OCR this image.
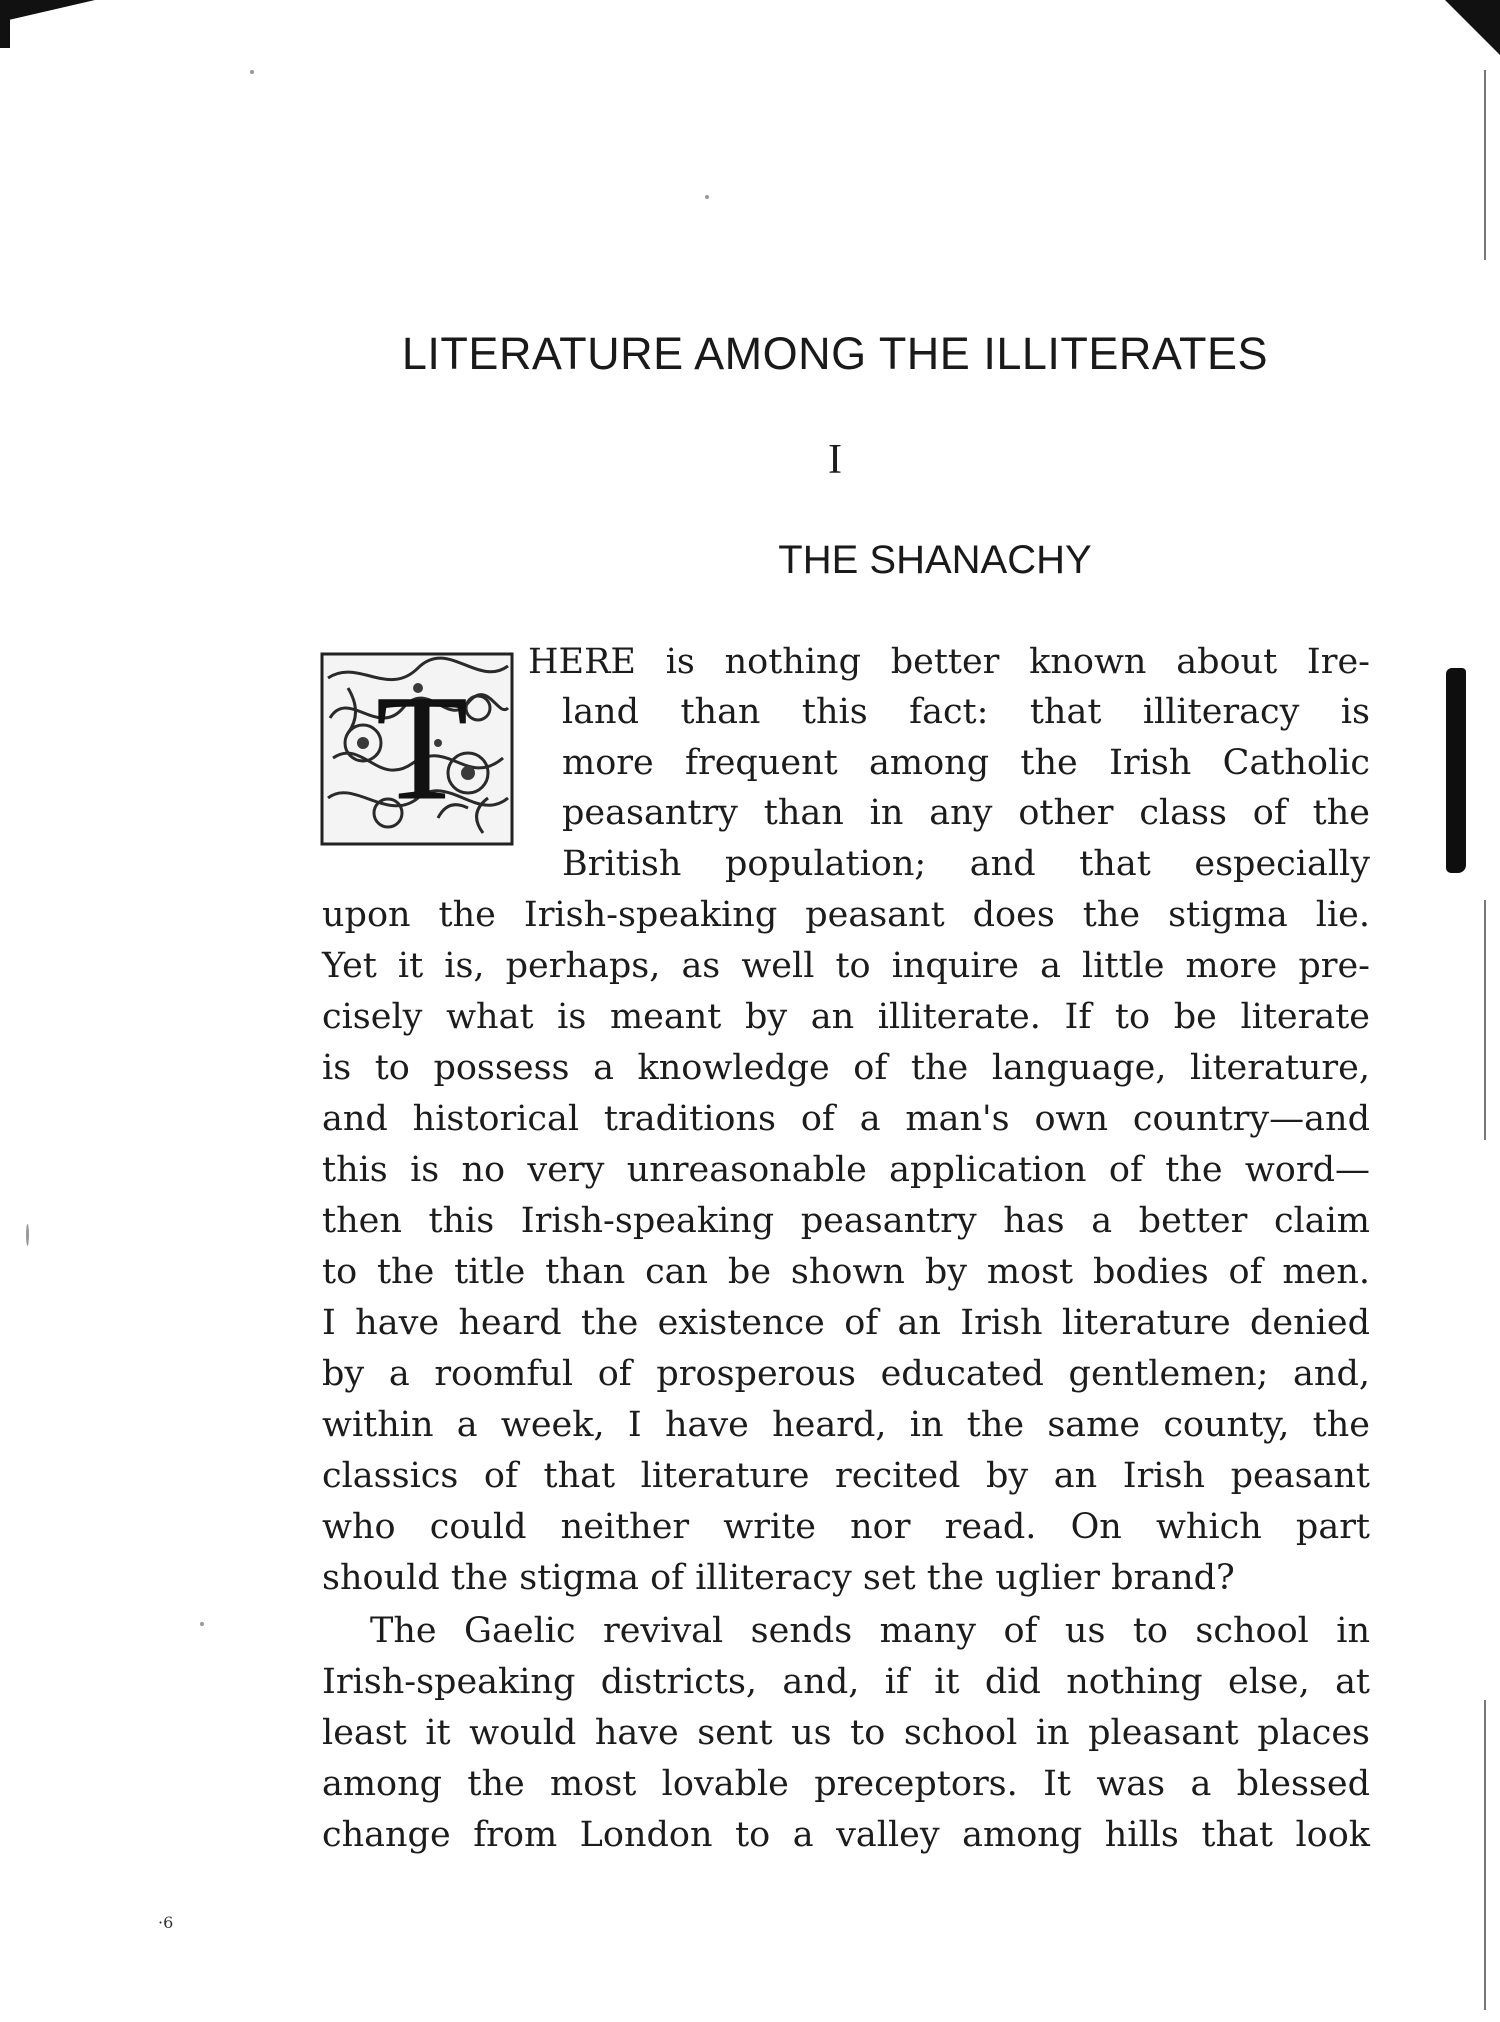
LITERATURE AMONG THE ILLITERATES
I
THE SHANACHY
T
HERE is nothing better known about Ire-
land than this fact: that illiteracy is
more frequent among the Irish Catholic
peasantry than in any other class of the
British population; and that especially
upon the Irish-speaking peasant does the stigma lie.
Yet it is, perhaps, as well to inquire a little more pre-
cisely what is meant by an illiterate. If to be literate
is to possess a knowledge of the language, literature,
and historical traditions of a man's own country—and
this is no very unreasonable application of the word—
then this Irish-speaking peasantry has a better claim
to the title than can be shown by most bodies of men.
I have heard the existence of an Irish literature denied
by a roomful of prosperous educated gentlemen; and,
within a week, I have heard, in the same county, the
classics of that literature recited by an Irish peasant
who could neither write nor read. On which part
should the stigma of illiteracy set the uglier brand?
The Gaelic revival sends many of us to school in
Irish-speaking districts, and, if it did nothing else, at
least it would have sent us to school in pleasant places
among the most lovable preceptors. It was a blessed
change from London to a valley among hills that look
·6
